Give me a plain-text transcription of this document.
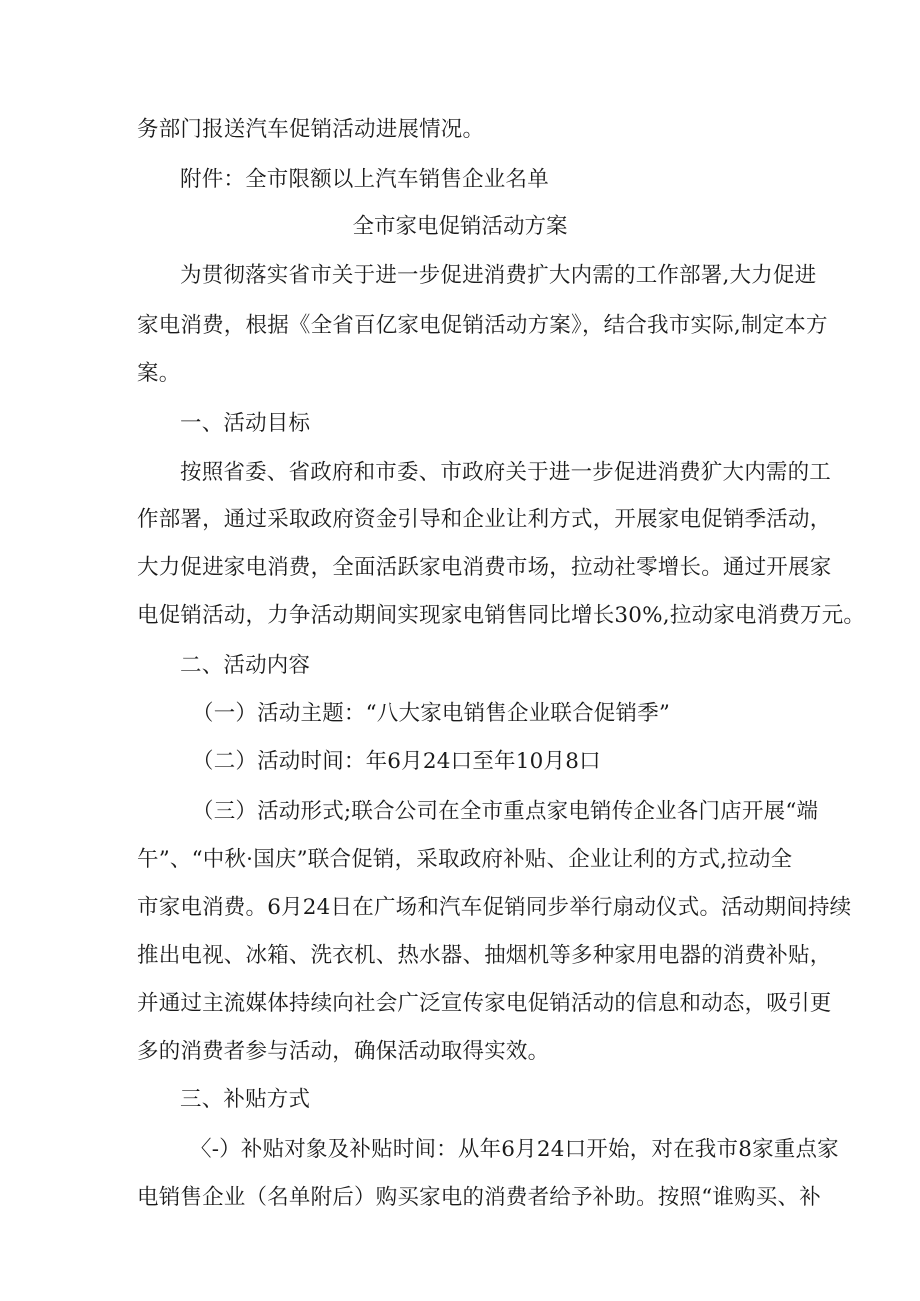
务部门报送汽车促销活动进展情况。
附件：全市限额以上汽车销售企业名单
全市家电促销活动方案
为贯彻落实省市关于进一步促进消费扩大内需的工作部署,大力促进
家电消费，根据《全省百亿家电促销活动方案》，结合我市实际,制定本方
案。
一、活动目标
按照省委、省政府和市委、市政府关于进一步促进消费犷大内需的工
作部署，通过采取政府资金引导和企业让利方式，开展家电促销季活动，
大力促进家电消费，全面活跃家电消费市场，拉动社零增长。通过开展家
电促销活动，力争活动期间实现家电销售同比增长30%,拉动家电消费万元。
二、活动内容
（一）活动主题：“八大家电销售企业联合促销季”
（二）活动时间：年6月24口至年10月8口
（三）活动形式;联合公司在全市重点家电销传企业各门店开展“端
午”、“中秋·国庆”联合促销，采取政府补贴、企业让利的方式,拉动全
市家电消费。6月24日在广场和汽车促销同步举行扇动仪式。活动期间持续
推出电视、冰箱、洗衣机、热水器、抽烟机等多种家用电器的消费补贴，
并通过主流媒体持续向社会广泛宣传家电促销活动的信息和动态，吸引更
多的消费者参与活动，确保活动取得实效。
三、补贴方式
〈-）补贴对象及补贴时间：从年6月24口开始，对在我市8家重点家
电销售企业（名单附后）购买家电的消费者给予补助。按照“谁购买、补
